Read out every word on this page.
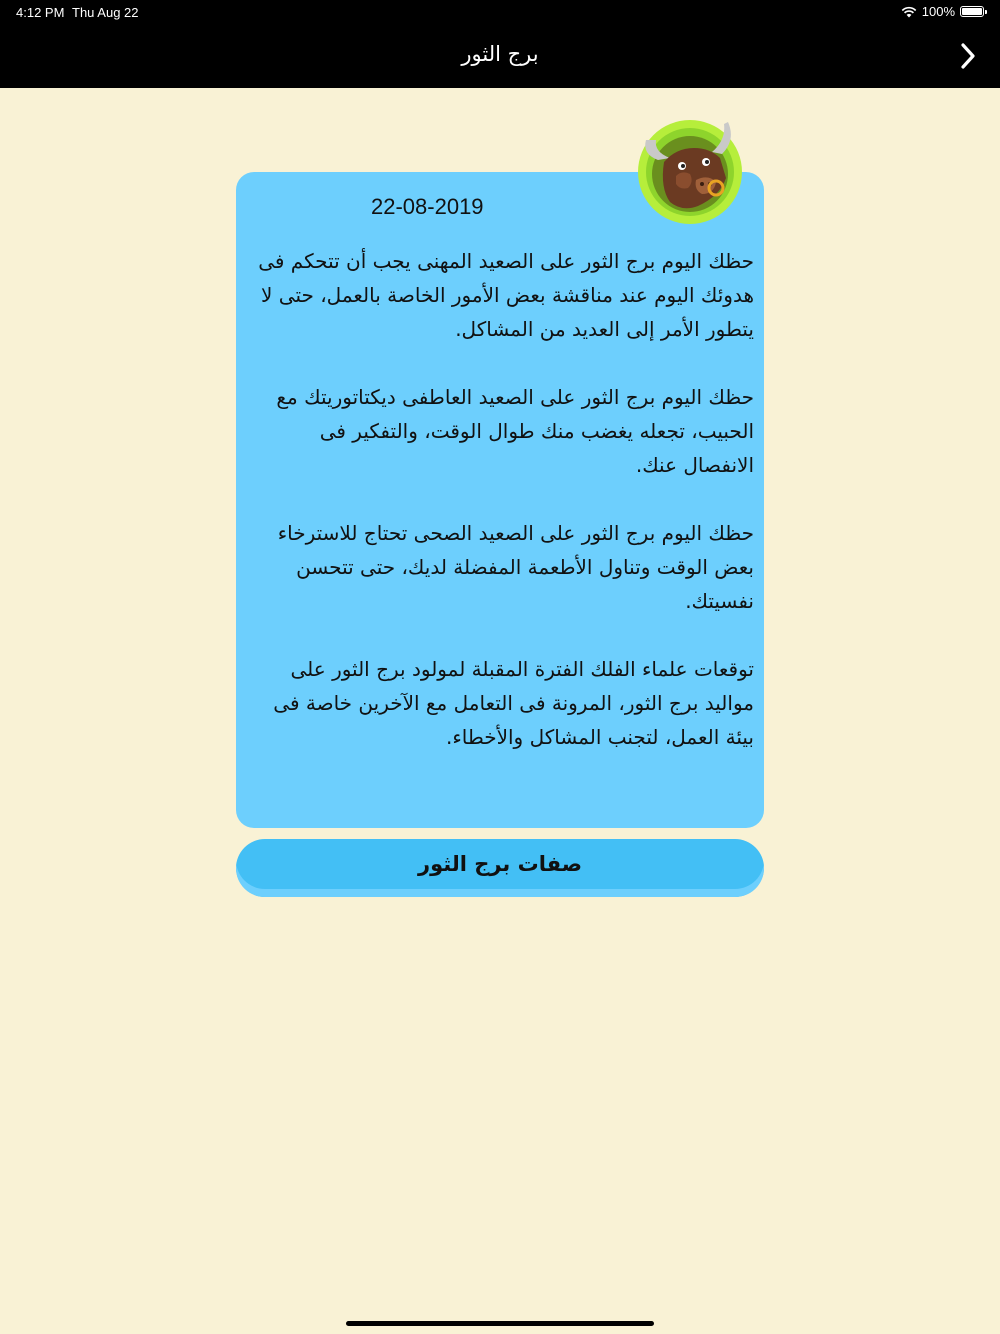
4:12 PM Thu Aug 22	100%
برج الثور
22-08-2019

حظك اليوم برج الثور على الصعيد المهنى يجب أن تتحكم فى هدوئك اليوم عند مناقشة بعض الأمور الخاصة بالعمل، حتى لا يتطور الأمر إلى العديد من المشاكل.

حظك اليوم برج الثور على الصعيد العاطفى ديكتاتوريتك مع الحبيب، تجعله يغضب منك طوال الوقت، والتفكير فى الانفصال عنك.

حظك اليوم برج الثور على الصعيد الصحى تحتاج للاسترخاء بعض الوقت وتناول الأطعمة المفضلة لديك، حتى تتحسن نفسيتك.

توقعات علماء الفلك الفترة المقبلة لمولود برج الثور على مواليد برج الثور، المرونة فى التعامل مع الآخرين خاصة فى بيئة العمل، لتجنب المشاكل والأخطاء.

صفات برج الثور
